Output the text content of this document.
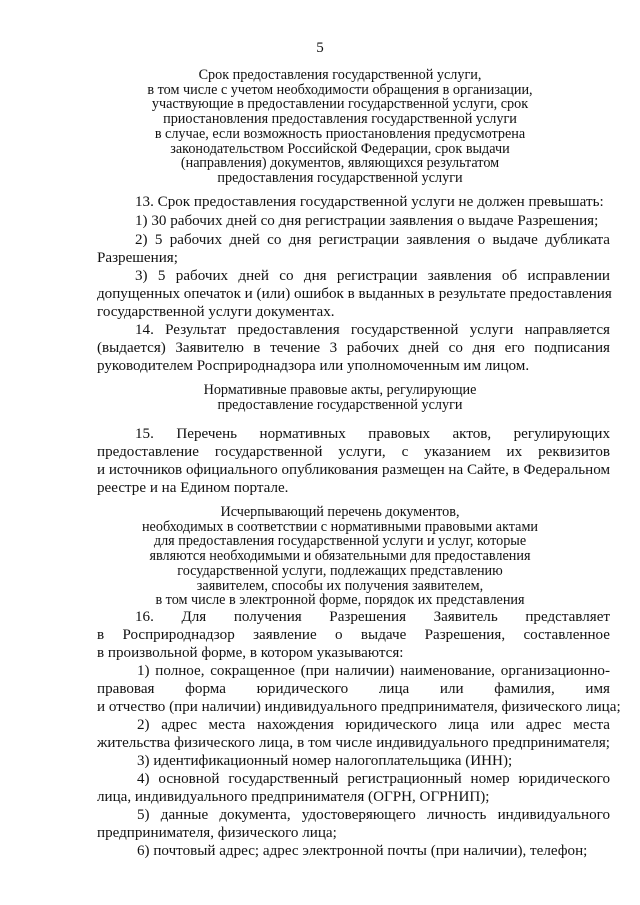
5
Срок предоставления государственной услуги,
в том числе с учетом необходимости обращения в организации,
участвующие в предоставлении государственной услуги, срок
приостановления предоставления государственной услуги
в случае, если возможность приостановления предусмотрена
законодательством Российской Федерации, срок выдачи
(направления) документов, являющихся результатом
предоставления государственной услуги
13. Срок предоставления государственной услуги не должен превышать:
1) 30 рабочих дней со дня регистрации заявления о выдаче Разрешения;
2) 5 рабочих дней со дня регистрации заявления о выдаче дубликата
Разрешения;
3) 5 рабочих дней со дня регистрации заявления об исправлении
допущенных опечаток и (или) ошибок в выданных в результате предоставления
государственной услуги документах.
14. Результат предоставления государственной услуги направляется
(выдается) Заявителю в течение 3 рабочих дней со дня его подписания
руководителем Росприроднадзора или уполномоченным им лицом.
Нормативные правовые акты, регулирующие
предоставление государственной услуги
15. Перечень нормативных правовых актов, регулирующих
предоставление государственной услуги, с указанием их реквизитов
и источников официального опубликования размещен на Сайте, в Федеральном
реестре и на Едином портале.
Исчерпывающий перечень документов,
необходимых в соответствии с нормативными правовыми актами
для предоставления государственной услуги и услуг, которые
являются необходимыми и обязательными для предоставления
государственной услуги, подлежащих представлению
заявителем, способы их получения заявителем,
в том числе в электронной форме, порядок их представления
16. Для получения Разрешения Заявитель представляет
в Росприроднадзор заявление о выдаче Разрешения, составленное
в произвольной форме, в котором указываются:
1) полное, сокращенное (при наличии) наименование, организационно-
правовая форма юридического лица или фамилия, имя
и отчество (при наличии) индивидуального предпринимателя, физического лица;
2) адрес места нахождения юридического лица или адрес места
жительства физического лица, в том числе индивидуального предпринимателя;
3) идентификационный номер налогоплательщика (ИНН);
4) основной государственный регистрационный номер юридического
лица, индивидуального предпринимателя (ОГРН, ОГРНИП);
5) данные документа, удостоверяющего личность индивидуального
предпринимателя, физического лица;
6) почтовый адрес; адрес электронной почты (при наличии), телефон;
